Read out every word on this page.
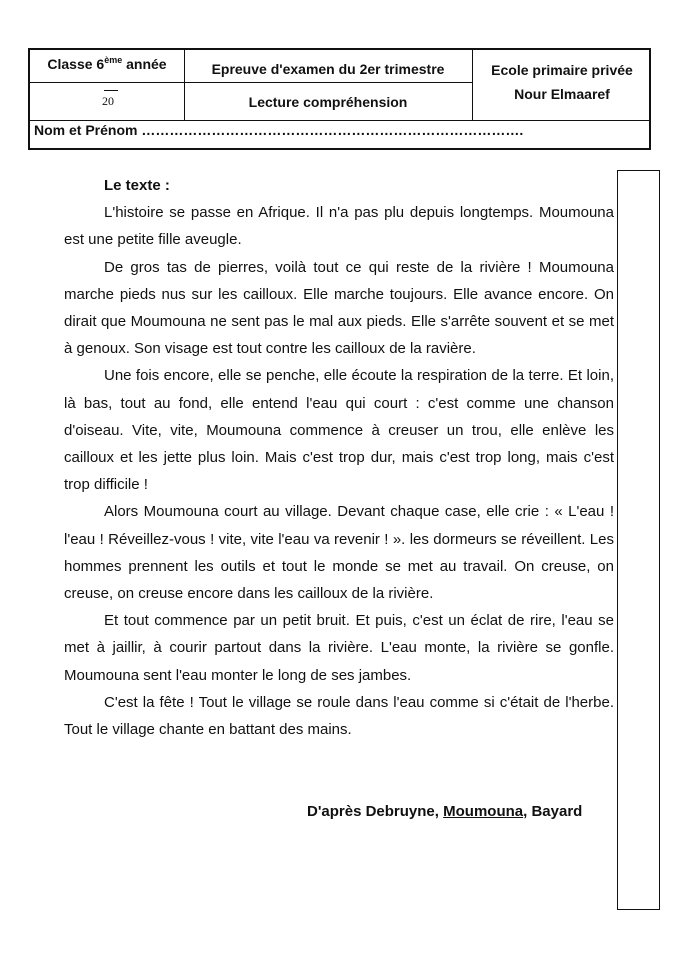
Classe 6ème année	Epreuve d'examen du 2er trimestre
Lecture compréhension
Ecole primaire privée
Nour Elmaaref
20
Nom et Prénom ……………………………………………………………………….
Le texte :

L'histoire se passe en Afrique. Il n'a pas plu depuis longtemps. Moumouna est une petite fille aveugle.

De gros tas de pierres, voilà tout ce qui reste de la rivière ! Moumouna marche pieds nus sur les cailloux. Elle marche toujours. Elle avance encore. On dirait que Moumouna ne sent pas le mal aux pieds. Elle s'arrête souvent et se met à genoux. Son visage est tout contre les cailloux de la ravière.

Une fois encore, elle se penche, elle écoute la respiration de la terre. Et loin, là bas, tout au fond, elle entend l'eau qui court : c'est comme une chanson d'oiseau. Vite, vite, Moumouna commence à creuser un trou, elle enlève les cailloux et les jette plus loin. Mais c'est trop dur, mais c'est trop long, mais c'est trop difficile !

Alors Moumouna court au village. Devant chaque case, elle crie : « L'eau ! l'eau ! Réveillez-vous ! vite, vite l'eau va revenir ! ». les dormeurs se réveillent. Les hommes prennent les outils et tout le monde se met au travail. On creuse, on creuse, on creuse encore dans les cailloux de la rivière.

Et tout commence par un petit bruit. Et puis, c'est un éclat de rire, l'eau se met à jaillir, à courir partout dans la rivière. L'eau monte, la rivière se gonfle. Moumouna sent l'eau monter le long de ses jambes.

C'est la fête ! Tout le village se roule dans l'eau comme si c'était de l'herbe. Tout le village chante en battant des mains.

D'après Debruyne, Moumouna, Bayard
